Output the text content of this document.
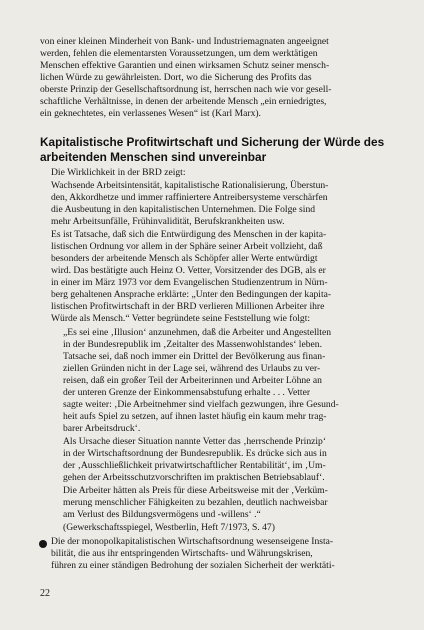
von einer kleinen Minderheit von Bank- und Industriemagnaten angeeignet
werden, fehlen die elementarsten Voraussetzungen, um dem werktätigen
Menschen effektive Garantien und einen wirksamen Schutz seiner mensch-
lichen Würde zu gewährleisten. Dort, wo die Sicherung des Profits das
oberste Prinzip der Gesellschaftsordnung ist, herrschen nach wie vor gesell-
schaftliche Verhältnisse, in denen der arbeitende Mensch „ein erniedrigtes,
ein geknechtetes, ein verlassenes Wesen“ ist (Karl Marx).
Kapitalistische Profitwirtschaft und Sicherung der Würde des
arbeitenden Menschen sind unvereinbar
Die Wirklichkeit in der BRD zeigt:
Wachsende Arbeitsintensität, kapitalistische Rationalisierung, Überstun-
den, Akkordhetze und immer raffiniertere Antreibersysteme verschärfen
die Ausbeutung in den kapitalistischen Unternehmen. Die Folge sind
mehr Arbeitsunfälle, Frühinvalidität, Berufskrankheiten usw.
Es ist Tatsache, daß sich die Entwürdigung des Menschen in der kapita-
listischen Ordnung vor allem in der Sphäre seiner Arbeit vollzieht, daß
besonders der arbeitende Mensch als Schöpfer aller Werte entwürdigt
wird. Das bestätigte auch Heinz O. Vetter, Vorsitzender des DGB, als er
in einer im März 1973 vor dem Evangelischen Studienzentrum in Nürn-
berg gehaltenen Ansprache erklärte: „Unter den Bedingungen der kapita-
listischen Profitwirtschaft in der BRD verlieren Millionen Arbeiter ihre
Würde als Mensch.“ Vetter begründete seine Feststellung wie folgt:
„Es sei eine ‚Illusion‘ anzunehmen, daß die Arbeiter und Angestellten
in der Bundesrepublik im ‚Zeitalter des Massenwohlstandes‘ leben.
Tatsache sei, daß noch immer ein Drittel der Bevölkerung aus finan-
ziellen Gründen nicht in der Lage sei, während des Urlaubs zu ver-
reisen, daß ein großer Teil der Arbeiterinnen und Arbeiter Löhne an
der unteren Grenze der Einkommensabstufung erhalte . . . Vetter
sagte weiter: ‚Die Arbeitnehmer sind vielfach gezwungen, ihre Gesund-
heit aufs Spiel zu setzen, auf ihnen lastet häufig ein kaum mehr trag-
barer Arbeitsdruck‘.
Als Ursache dieser Situation nannte Vetter das ‚herrschende Prinzip‘
in der Wirtschaftsordnung der Bundesrepublik. Es drücke sich aus in
der ‚Ausschließlichkeit privatwirtschaftlicher Rentabilität‘, im ‚Um-
gehen der Arbeitsschutzvorschriften im praktischen Betriebsablauf‘.
Die Arbeiter hätten als Preis für diese Arbeitsweise mit der ‚Verküm-
merung menschlicher Fähigkeiten zu bezahlen, deutlich nachweisbar
am Verlust des Bildungsvermögens und -willens‘ .“
(Gewerkschaftsspiegel, Westberlin, Heft 7/1973, S. 47)
Die der monopolkapitalistischen Wirtschaftsordnung wesenseigene Insta-
bilität, die aus ihr entspringenden Wirtschafts- und Währungskrisen,
führen zu einer ständigen Bedrohung der sozialen Sicherheit der werktäti-
22
